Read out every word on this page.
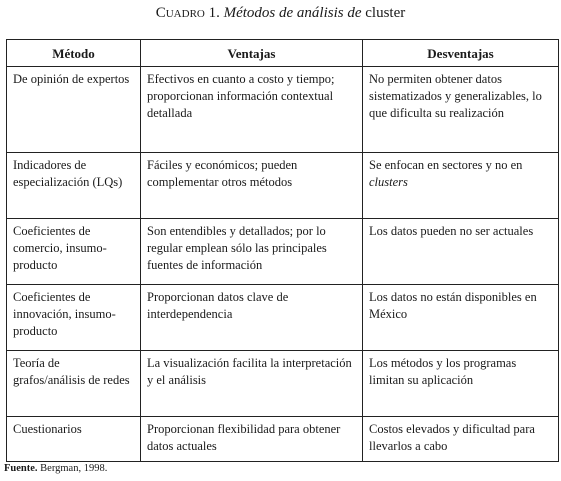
Cuadro 1. Métodos de análisis de cluster
Método	Ventajas	Desventajas
De opinión de expertos	Efectivos en cuanto a costo y tiempo; proporcionan información contextual detallada	No permiten obtener datos sistematizados y generalizables, lo que dificulta su realización
Indicadores de especialización (LQs)	Fáciles y económicos; pueden complementar otros métodos	Se enfocan en sectores y no en clusters
Coeficientes de comercio, insumo-producto	Son entendibles y detallados; por lo regular emplean sólo las principales fuentes de información	Los datos pueden no ser actuales
Coeficientes de innovación, insumo-producto	Proporcionan datos clave de interdependencia	Los datos no están disponibles en México
Teoría de grafos/análisis de redes	La visualización facilita la interpretación y el análisis	Los métodos y los programas limitan su aplicación
Cuestionarios	Proporcionan flexibilidad para obtener datos actuales	Costos elevados y dificultad para llevarlos a cabo
Fuente. Bergman, 1998.
